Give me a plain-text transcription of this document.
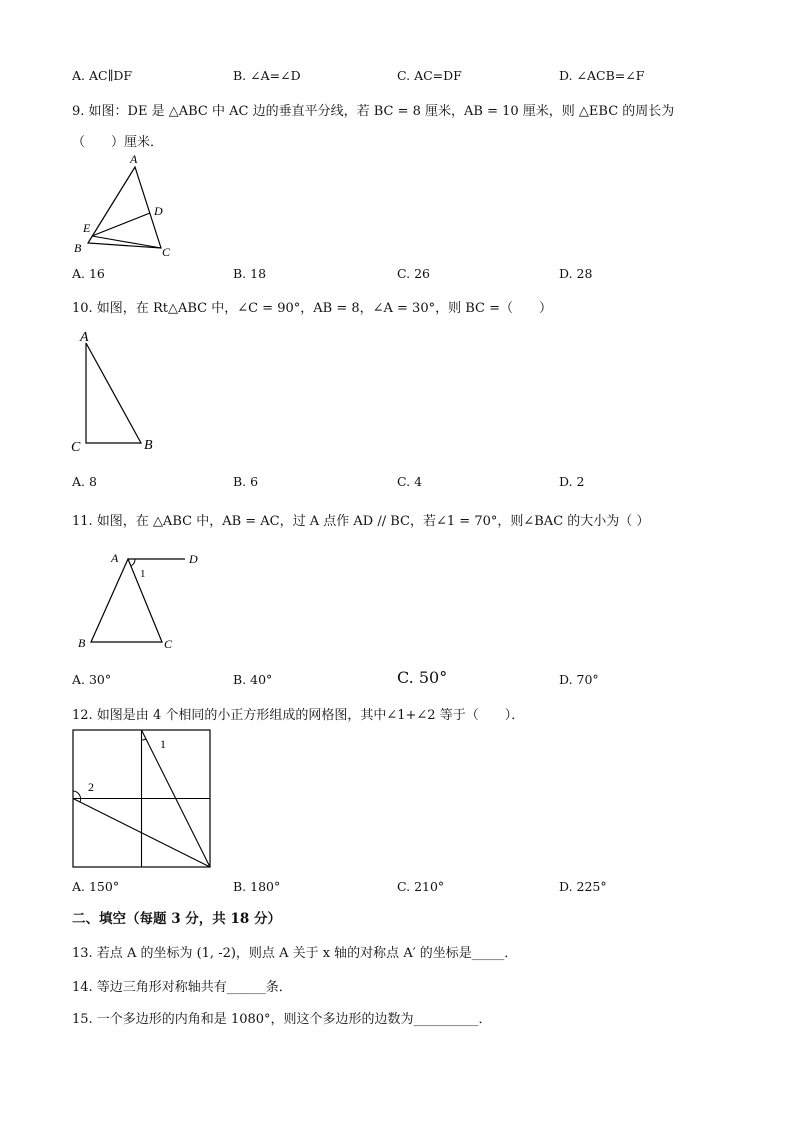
A. AC∥DF	B. ∠A=∠D	C. AC=DF	D. ∠ACB=∠F
9. 如图：DE 是 △ABC 中 AC 边的垂直平分线，若 BC = 8 厘米，AB = 10 厘米，则 △EBC 的周长为
（　　）厘米．
A
D
E
B	C
A. 16	B. 18	C. 26	D. 28
10. 如图，在 Rt△ABC 中，∠C = 90°，AB = 8，∠A = 30°，则 BC =（　　）
A
C	B
A. 8	B. 6	C. 4	D. 2
11. 如图，在 △ABC 中，AB = AC，过 A 点作 AD // BC，若∠1 = 70°，则∠BAC 的大小为（ ）
A	D
1
B	C
A. 30°	B. 40°	C. 50°	D. 70°
12. 如图是由 4 个相同的小正方形组成的网格图，其中∠1+∠2 等于（　　）．
1
2
A. 150°	B. 180°	C. 210°	D. 225°
二、填空（每题 3 分，共 18 分）
13. 若点 A 的坐标为 (1, -2)，则点 A 关于 x 轴的对称点 A′ 的坐标是_____．
14. 等边三角形对称轴共有______条．
15. 一个多边形的内角和是 1080°，则这个多边形的边数为__________．
